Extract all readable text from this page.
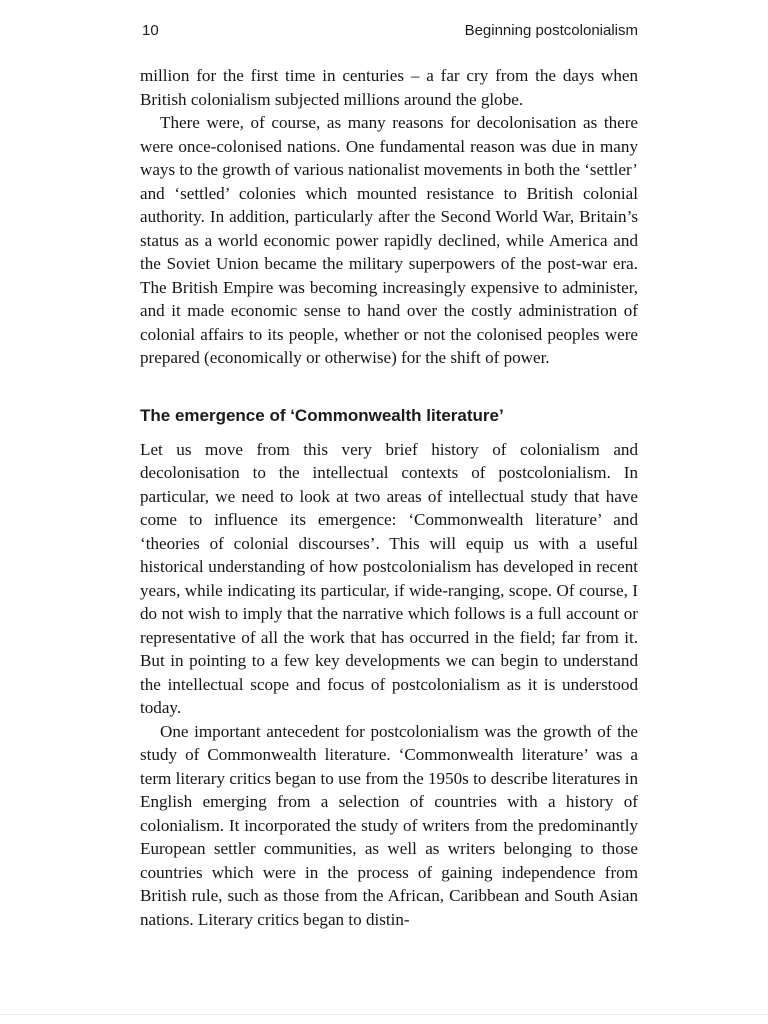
10	Beginning postcolonialism

million for the first time in centuries – a far cry from the days when British colonialism subjected millions around the globe.

There were, of course, as many reasons for decolonisation as there were once-colonised nations. One fundamental reason was due in many ways to the growth of various nationalist movements in both the ‘settler’ and ‘settled’ colonies which mounted resistance to British colonial authority. In addition, particularly after the Second World War, Britain’s status as a world economic power rapidly declined, while America and the Soviet Union became the military superpowers of the post-war era. The British Empire was becoming increasingly expensive to administer, and it made economic sense to hand over the costly administration of colonial affairs to its people, whether or not the colonised peoples were prepared (economically or otherwise) for the shift of power.

The emergence of ‘Commonwealth literature’

Let us move from this very brief history of colonialism and decolonisation to the intellectual contexts of postcolonialism. In particular, we need to look at two areas of intellectual study that have come to influence its emergence: ‘Commonwealth literature’ and ‘theories of colonial discourses’. This will equip us with a useful historical understanding of how postcolonialism has developed in recent years, while indicating its particular, if wide-ranging, scope. Of course, I do not wish to imply that the narrative which follows is a full account or representative of all the work that has occurred in the field; far from it. But in pointing to a few key developments we can begin to understand the intellectual scope and focus of postcolonialism as it is understood today.

One important antecedent for postcolonialism was the growth of the study of Commonwealth literature. ‘Commonwealth literature’ was a term literary critics began to use from the 1950s to describe literatures in English emerging from a selection of countries with a history of colonialism. It incorporated the study of writers from the predominantly European settler communities, as well as writers belonging to those countries which were in the process of gaining independence from British rule, such as those from the African, Caribbean and South Asian nations. Literary critics began to distin-
